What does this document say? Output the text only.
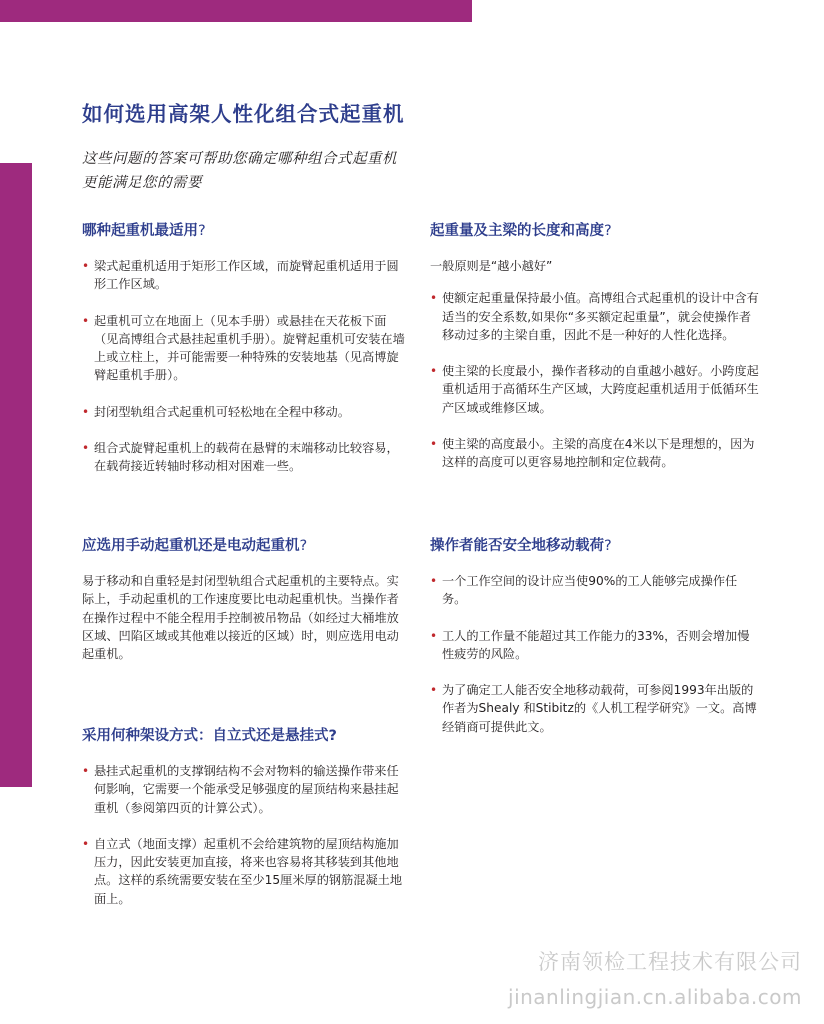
如何选用高架人性化组合式起重机
这些问题的答案可帮助您确定哪种组合式起重机
更能满足您的需要
哪种起重机最适用?
• 梁式起重机适用于矩形工作区域，而旋臂起重机适用于圆形工作区域。
• 起重机可立在地面上（见本手册）或悬挂在天花板下面（见高博组合式悬挂起重机手册）。旋臂起重机可安装在墙上或立柱上，并可能需要一种特殊的安装地基（见高博旋臂起重机手册）。
• 封闭型轨组合式起重机可轻松地在全程中移动。
• 组合式旋臂起重机上的载荷在悬臂的末端移动比较容易，在载荷接近转轴时移动相对困难一些。
应选用手动起重机还是电动起重机?

易于移动和自重轻是封闭型轨组合式起重机的主要特点。实际上，手动起重机的工作速度要比电动起重机快。当操作者在操作过程中不能全程用手控制被吊物品（如经过大桶堆放区域、凹陷区域或其他难以接近的区域）时，则应选用电动起重机。

采用何种架设方式：自立式还是悬挂式?
• 悬挂式起重机的支撑钢结构不会对物料的输送操作带来任何影响，它需要一个能承受足够强度的屋顶结构来悬挂起重机（参阅第四页的计算公式）。
• 自立式（地面支撑）起重机不会给建筑物的屋顶结构施加压力，因此安装更加直接，将来也容易将其移装到其他地点。这样的系统需要安装在至少15厘米厚的钢筋混凝土地面上。
起重量及主梁的长度和高度?

一般原则是“越小越好”

• 使额定起重量保持最小值。高博组合式起重机的设计中含有适当的安全系数,如果你“多买额定起重量”，就会使操作者移动过多的主梁自重，因此不是一种好的人性化选择。
• 使主梁的长度最小，操作者移动的自重越小越好。小跨度起重机适用于高循环生产区域，大跨度起重机适用于低循环生产区域或维修区域。
• 使主梁的高度最小。主梁的高度在4米以下是理想的，因为这样的高度可以更容易地控制和定位载荷。
操作者能否安全地移动载荷?
• 一个工作空间的设计应当使90%的工人能够完成操作任务。
• 工人的工作量不能超过其工作能力的33%，否则会增加慢性疲劳的风险。
• 为了确定工人能否安全地移动载荷，可参阅1993年出版的作者为Shealy 和Stibitz的《人机工程学研究》一文。高博经销商可提供此文。
济南领检工程技术有限公司
jinanlingjian.cn.alibaba.com
